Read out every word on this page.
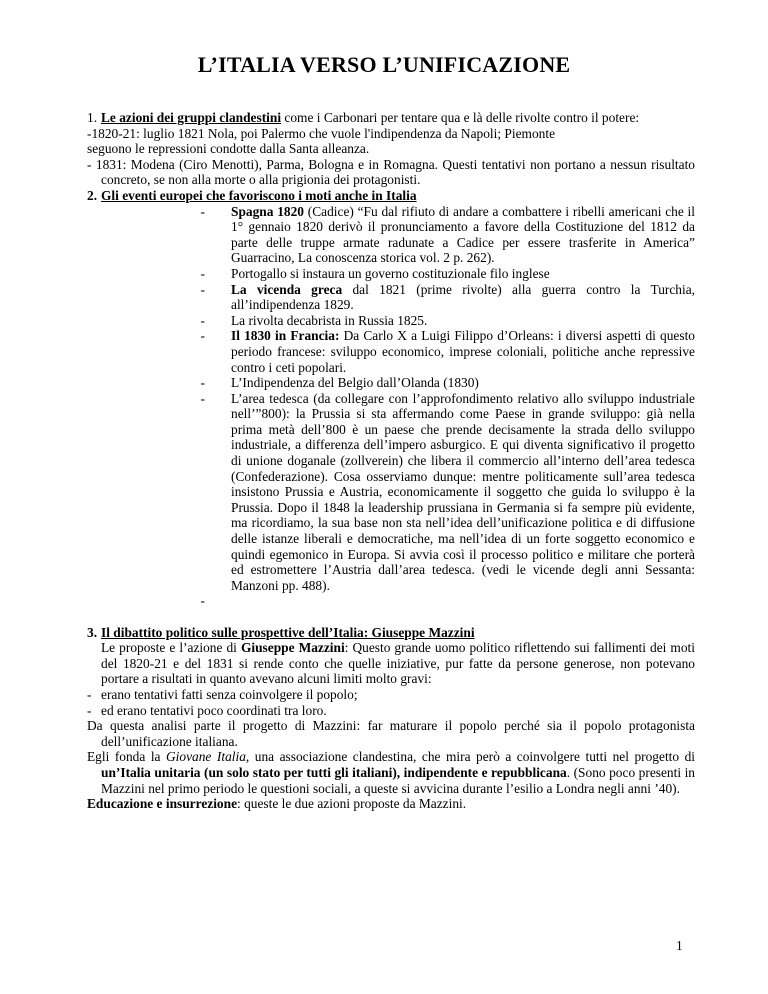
L’ITALIA VERSO L’UNIFICAZIONE
1. Le azioni dei gruppi clandestini come i Carbonari per tentare qua e là delle rivolte contro il potere:

-1820-21: luglio 1821 Nola, poi Palermo che vuole l'indipendenza da Napoli; Piemonte

seguono le repressioni condotte dalla Santa alleanza.

- 1831: Modena (Ciro Menotti), Parma, Bologna e in Romagna. Questi tentativi non portano a nessun risultato concreto, se non alla morte o alla prigionia dei protagonisti.

2. Gli eventi europei che favoriscono i moti anche in Italia
-	Spagna 1820 (Cadice) “Fu dal rifiuto di andare a combattere i ribelli americani che il 1° gennaio 1820 derivò il pronunciamento a favore della Costituzione del 1812 da parte delle truppe armate radunate a Cadice per essere trasferite in America” Guarracino, La conoscenza storica vol. 2 p. 262).
-	Portogallo si instaura un governo costituzionale filo inglese
-	La vicenda greca dal 1821 (prime rivolte) alla guerra contro la Turchia, all’indipendenza 1829.
-	La rivolta decabrista in Russia 1825.
-	Il 1830 in Francia: Da Carlo X a Luigi Filippo d’Orleans: i diversi aspetti di questo periodo francese: sviluppo economico, imprese coloniali, politiche anche repressive contro i ceti popolari.
-	L’Indipendenza del Belgio dall’Olanda (1830)
-	L’area tedesca (da collegare con l’approfondimento relativo allo sviluppo industriale nell’”800): la Prussia si sta affermando come Paese in grande sviluppo: già nella prima metà dell’800 è un paese che prende decisamente la strada dello sviluppo industriale, a differenza dell’impero asburgico. E qui diventa significativo il progetto di unione doganale (zollverein) che libera il commercio all’interno dell’area tedesca (Confederazione). Cosa osserviamo dunque: mentre politicamente sull’area tedesca insistono Prussia e Austria, economicamente il soggetto che guida lo sviluppo è la Prussia. Dopo il 1848 la leadership prussiana in Germania si fa sempre più evidente, ma ricordiamo, la sua base non sta nell’idea dell’unificazione politica e di diffusione delle istanze liberali e democratiche, ma nell’idea di un forte soggetto economico e quindi egemonico in Europa. Si avvia così il processo politico e militare che porterà ed estromettere l’Austria dall’area tedesca. (vedi le vicende degli anni Sessanta: Manzoni pp. 488).
-
3. Il dibattito politico sulle prospettive dell’Italia: Giuseppe Mazzini

Le proposte e l’azione di Giuseppe Mazzini: Questo grande uomo politico riflettendo sui fallimenti dei moti del 1820-21 e del 1831 si rende conto che quelle iniziative, pur fatte da persone generose, non potevano portare a risultati in quanto avevano alcuni limiti molto gravi:

- erano tentativi fatti senza coinvolgere il popolo;
- ed erano tentativi poco coordinati tra loro.

Da questa analisi parte il progetto di Mazzini: far maturare il popolo perché sia il popolo protagonista dell’unificazione italiana.

Egli fonda la Giovane Italia, una associazione clandestina, che mira però a coinvolgere tutti nel progetto di un’Italia unitaria (un solo stato per tutti gli italiani), indipendente e repubblicana. (Sono poco presenti in Mazzini nel primo periodo le questioni sociali, a queste si avvicina durante l’esilio a Londra negli anni ’40).

Educazione e insurrezione: queste le due azioni proposte da Mazzini.

1
